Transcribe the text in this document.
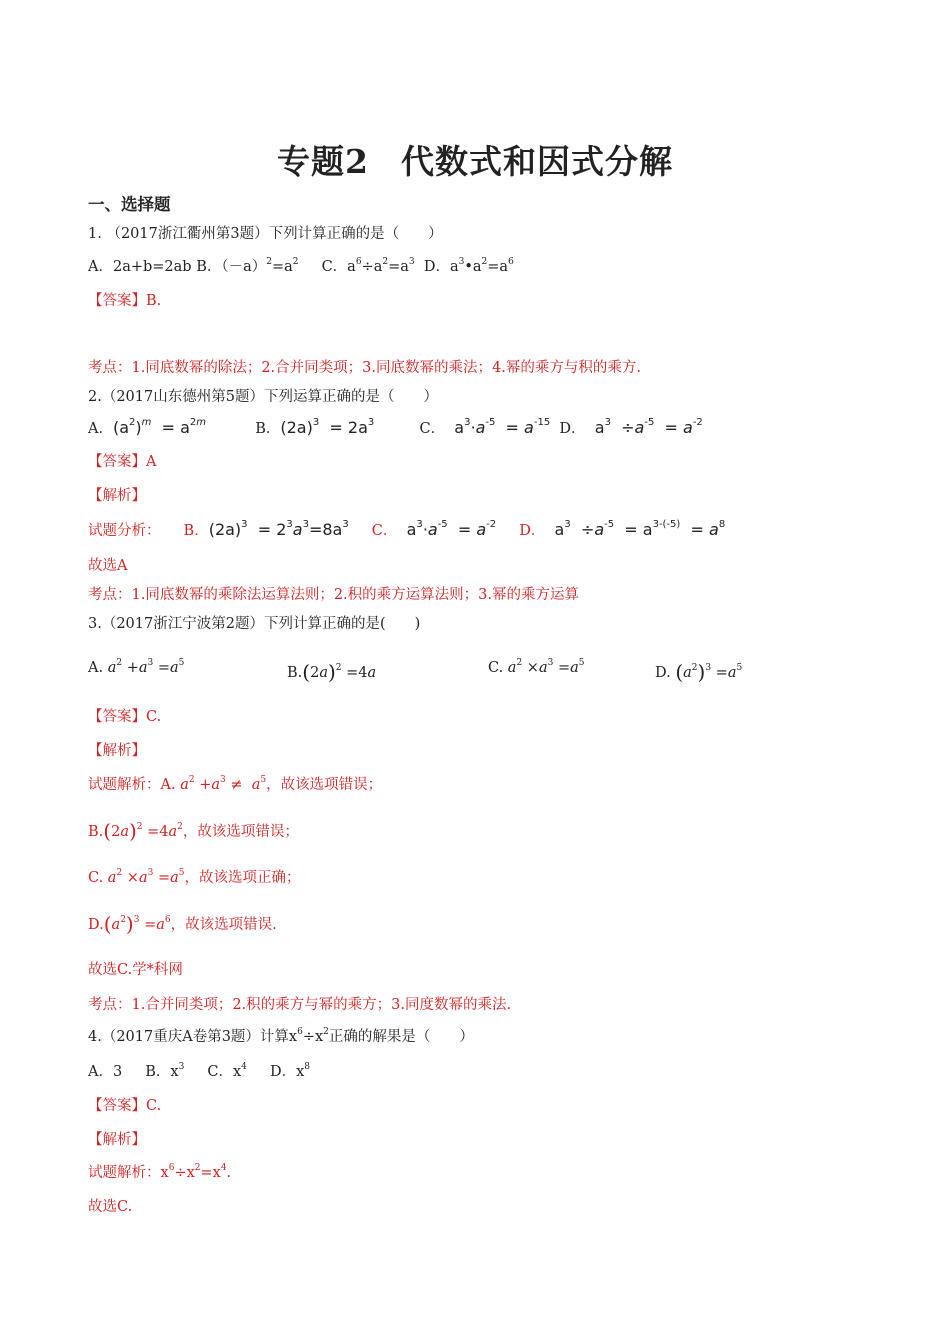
专题2 代数式和因式分解
一、选择题
1. （2017浙江衢州第3题）下列计算正确的是（　　）
A．2a+b=2ab B．$(-a)^2=a^2$ C．$a^6\div a^2=a^3$ D．$a^3•a^2=a^6$
【答案】B.
考点：1.同底数幂的除法；2.合并同类项；3.同底数幂的乘法；4.幂的乘方与积的乘方.
2.（2017山东德州第5题）下列运算正确的是（　　）
A．$(a^2)^m = a^{2m}$	B．$(2a)^3 = 2a^3$	C． $a^3\cdot a^{-5} = a^{-15}$ D． $a^3 \div a^{-5} = a^{-2}$
【答案】A
【解析】
试题分析： B．$(2a)^3 = 2^3a^3=8a^3$ C． $a^3\cdot a^{-5} = a^{-2}$ D． $a^3 \div a^{-5} = a^{3-(-5)} = a^8$
故选A
考点：1.同底数幂的乘除法运算法则；2.积的乘方运算法则；3.幂的乘方运算
3.（2017浙江宁波第2题）下列计算正确的是(　　)
A. $a^2 +a^3 =a^5$
$B.(2a)^2 =4a$	C. $a^2 \times a^3 =a^5$
D. $(a^2)^3 =a^5$
【答案】C.
【解析】
试题解析：A. $a^2 +a^3 \ne a^5$，故该选项错误；
$B.(2a)^2 =4a^2$，故该选项错误；
C. $a^2 \times a^3 =a^5$，故该选项正确；
$D.(a^2)^3 =a^6$，故该选项错误.
故选C.学*科网
考点：1.合并同类项；2.积的乘方与幂的乘方；3.同度数幂的乘法.
4.（2017重庆A卷第3题）计算$x^6\div x^2$正确的解果是（　　）
A．3 B．$x^3$ C．$x^4$ D．$x^8$
【答案】C.
【解析】
试题解析：$x^6\div x^2=x^4$.
故选C.
